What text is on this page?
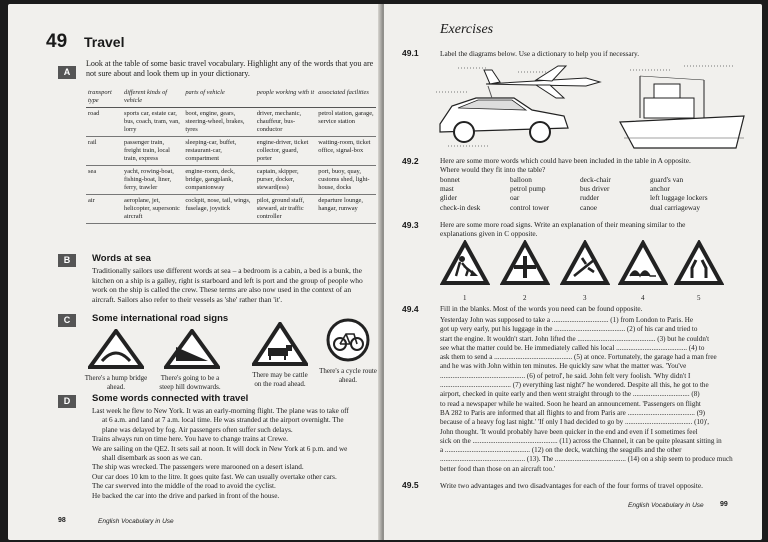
49 Travel
A
Look at the table of some basic travel vocabulary. Highlight any of the words that you are
not sure about and look them up in your dictionary.
transport type	different kinds of vehicle	parts of vehicle	people working with it	associated facilities
road	sports car, estate car, bus, coach, tram, van, lorry	boot, engine, gears, steering-wheel, brakes, tyres	driver, mechanic, chauffeur, bus-conductor	petrol station, garage, service station
rail	passenger train, freight train, local train, express	sleeping-car, buffet, restaurant-car, compartment	engine-driver, ticket collector, guard, porter	waiting-room, ticket office, signal-box
sea	yacht, rowing-boat, fishing-boat, liner, ferry, trawler	engine-room, deck, bridge, gangplank, companionway	captain, skipper, purser, docker, steward(ess)	port, buoy, quay, customs shed, light-house, docks
air	aeroplane, jet, helicopter, supersonic aircraft	cockpit, nose, tail, wings, fuselage, joystick	pilot, ground staff, steward, air traffic controller	departure lounge, hangar, runway
B	Words at sea
Traditionally sailors use different words at sea – a bedroom is a cabin, a bed is a bunk, the
kitchen on a ship is a galley, right is starboard and left is port and the group of people who
work on the ship is called the crew. These terms are also now used in the context of an
aircraft. Sailors also refer to their vessels as 'she' rather than 'it'.
C	Some international road signs
There's a hump bridge ahead.
15%
There's going to be a steep hill downwards.
There may be cattle on the road ahead.
There's a cycle route ahead.
D	Some words connected with travel
Last week he flew to New York. It was an early-morning flight. The plane was to take off
at 6 a.m. and land at 7 a.m. local time. He was stranded at the airport overnight. The
plane was delayed by fog. Air passengers often suffer such delays.
Trains always run on time here. You have to change trains at Crewe.
We are sailing on the QE2. It sets sail at noon. It will dock in New York at 6 p.m. and we
shall disembark as soon as we can.
The ship was wrecked. The passengers were marooned on a desert island.
Our car does 10 km to the litre. It goes quite fast. We can usually overtake other cars.
The car swerved into the middle of the road to avoid the cyclist.
He backed the car into the drive and parked in front of the house.
98	English Vocabulary in Use
Exercises
49.1	Label the diagrams below. Use a dictionary to help you if necessary.
49.2	Here are some more words which could have been included in the table in A opposite.
Where would they fit into the table?
bonnet	balloon	deck-chair	guard's van
mast	petrol pump	bus driver	anchor
glider	oar	rudder	left luggage lockers
check-in desk	control tower	canoe	dual carriageway
49.3	Here are some more road signs. Write an explanation of their meaning similar to the
explanations given in C opposite.
1	2	3	4	5
49.4	Fill in the blanks. Most of the words you need can be found opposite.
Yesterday John was supposed to take a ................................ (1) from London to Paris. He
got up very early, put his luggage in the ........................................ (2) of his car and tried to
start the engine. It wouldn't start. John lifted the ............................................ (3) but he couldn't
see what the matter could be. He immediately called his local ........................................ (4) to
ask them to send a ............................................ (5) at once. Fortunately, the garage had a man free
and he was with John within ten minutes. He quickly saw what the matter was. 'You've
................................................ (6) of petrol', he said. John felt very foolish. 'Why didn't I
........................................ (7) everything last night?' he wondered. Despite all this, he got to the
airport, checked in quite early and then went straight through to the ................................ (8)
to read a newspaper while he waited. Soon he heard an announcement. 'Passengers on flight
BA 282 to Paris are informed that all flights to and from Paris are ...................................... (9)
because of a heavy fog last night.' 'If only I had decided to go by ...................................... (10)',
John thought. 'It would probably have been quicker in the end and even if I sometimes feel
sick on the ................................................ (11) across the Channel, it can be quite pleasant sitting in
a ................................................ (12) on the deck, watching the seagulls and the other
................................................ (13). The ........................................ (14) on a ship seem to produce much
better food than those on an aircraft too.'
49.5	Write two advantages and two disadvantages for each of the four forms of travel opposite.
English Vocabulary in Use 99
